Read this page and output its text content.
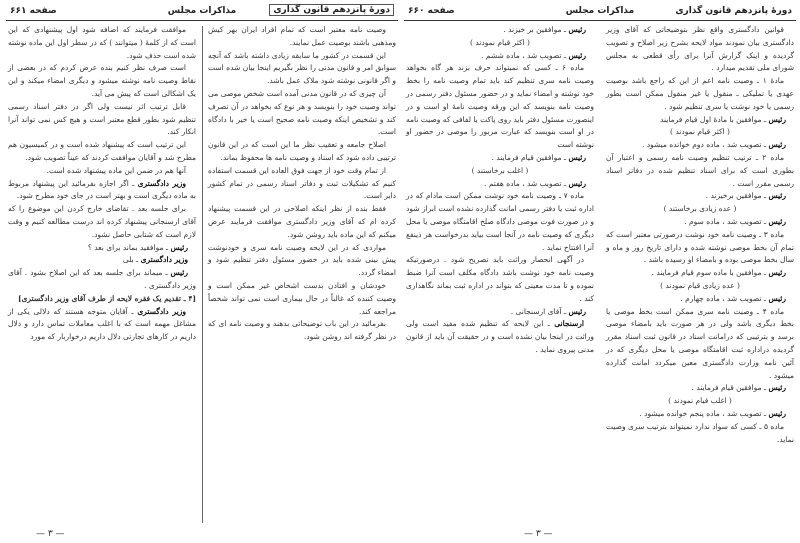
دورهٔ پانزدهم قانون گذاری
مذاکرات مجلس
صفحه ۶۶۱

وصیت نامه معتبر است که تمام افراد ایران بهر کیش ومذهبی باشند بوصیت عمل نمایند.

این قسمت در کشور ما سابقه زیادی داشته باشد که آنچه سوابق امر و قانون مدنی را نظر بگیریم اینجا بیان شده است و اگر قانونی نوشته شود ملاک عمل باشد.

آن چیزی که در قانون مدنی آمده است شخص موصی می تواند وصیت خود را بنویسد و هر نوع که بخواهد در آن تصرف کند و تشخیص اینکه وصیت نامه صحیح است یا خیر با دادگاه است.

اصلاح جامعه و تعقیب نظر ما این است که در این قانون ترتیبی داده شود که اسناد و وصیت نامه ها محفوظ بماند.

از تمام وقت خود از جهت فوق العاده این قسمت استفاده کنیم که تشکیلات ثبت و دفاتر اسناد رسمی در تمام کشور دایر است.

فقط بنده از نظر اینکه اصلاحی در این قسمت پیشنهاد کرده ام که آقای وزیر دادگستری موافقت فرمایند عرض میکنم که این ماده باید روشن شود.

مواردی که در این لایحه وصیت نامه سری و خودنوشت پیش بینی شده باید در حضور مسئول دفتر تنظیم شود و امضاء گردد.

خودشان و افتادن بدست اشخاص غیر ممکن است و وصیت کننده که غالباً در حال بیماری است نمی تواند شخصاً مراجعه کند.

بفرمائید در این باب توضیحاتی بدهند و وصیت نامه ای که در نظر گرفته اند روشن شود.

موافقت فرمایند که اضافه شود اول پیشنهادی که این است که از کلمهٔ ( میتوانند ) که در سطر اول این ماده نوشته شده است حذف شود.

است صرف نظر کنیم بنده عرض کردم که در بعضی از نقاط وصیت نامه نوشته میشود و دیگری امضاء میکند و این یک اشکالی است که پیش می آید.

قابل ترتیب اثر نیست ولی اگر در دفتر اسناد رسمی تنظیم شود بطور قطع معتبر است و هیچ کس نمی تواند آنرا انکار کند.

این ترتیب است که پیشنهاد شده است و در کمیسیون هم مطرح شد و آقایان موافقت کردند که عیناً تصویب شود.

آنها هم در ضمن این ماده پیشنهاد شده است.

وزیر دادگستری ـ اگر اجازه بفرمائید این پیشنهاد مربوط به ماده دیگری است و بهتر است در جای خود مطرح شود.

برای جلسه بعد . تقاضای خارج کردن این موضوع را که آقای ارسنجانی پیشنهاد کرده اند درست مطالعه کنیم و وقت لازم است که شتابی حاصل نشود.

رئیس ـ موافقید بماند برای بعد ؟

وزیر دادگستری ـ بلی

رئیس ـ میماند برای جلسه بعد که این اصلاح بشود . آقای وزیر دادگستری .

[۴ ـ تقدیم یک فقره لایحه از طرف آقای وزیر دادگستری]

وزیر دادگستری ـ آقایان متوجه هستند که دلالی یکی از مشاغل مهمه است که با اغلب معاملات تماس دارد و دلال داریم در کارهای تجارتی دلال داریم درخواربار که مورد

— ۳ —
دورهٔ پانزدهم قانون گذاری
مذاکرات مجلس
صفحه ۶۶۰

قوانین دادگستری واقع نظر بتوضیحاتی که آقای وزیر دادگستری بیان نمودند مواد لایحه بشرح زیر اصلاح و تصویب گردیده و اینک گزارش آنرا برای رأی قطعی به مجلس شورای ملی تقدیم میدارد .

مادهٔ ۱ ـ وصیت نامه اعم از این که راجع باشد بوصیت عهدی یا تملیکی ـ منقول یا غیر منقول ممکن است بطور رسمی یا خود نوشت یا سری تنظیم شود .

رئیس ـ موافقین با مادهٔ اول قیام فرمایند

( اکثر قیام نمودند )

رئیس ـ تصویب شد ، ماده دوم خوانده میشود .

ماده ۲ ـ ترتیب تنظیم وصیت نامه رسمی و اعتبار آن بطوری است که برای اسناد تنظیم شده در دفاتر اسناد رسمی مقرر است .

رئیس ـ موافقین برخیزند .

( عده زیادی برخاستند )

رئیس ـ تصویب شد ، ماده سوم .

ماده ۳ ـ وصیت نامه خود نوشت درصورتی معتبر است که تمام آن بخط موصی نوشته شده و دارای تاریخ روز و ماه و سال بخط موصی بوده و بامضاء او رسیده باشد .

رئیس ـ موافقین با ماده سوم قیام فرمایند .

( عده زیادی قیام نمودند )

رئیس ـ تصویب شد ، ماده چهارم .

ماده ۴ ـ وصیت نامه سری ممکن است بخط موصی یا بخط دیگری باشد ولی در هر صورت باید بامضاء موصی برسد و بترتیبی که درامانت اسناد در قانون ثبت اسناد مقرر گردیده دراداره ثبت اقامتگاه موصی یا محل دیگری که در آئین نامه وزارت دادگستری معین میکردد امانت گذارده میشود .

رئیس ـ موافقین قیام فرمایند .

( اغلب قیام نمودند )

رئیس ـ تصویب شد ، ماده پنجم خوانده میشود .

ماده ۵ ـ کسی که سواد ندارد نمیتواند بترتیب سری وصیت نماید.

رئیس ـ موافقین بر خیزند .

( اکثر قیام نمودند )

رئیس ـ تصویب شد ، ماده ششم .

ماده ۶ ـ کسی که نمیتواند حرف بزند هر گاه بخواهد وصیت نامه سری تنظیم کند باید تمام وصیت نامه را بخط خود نوشته و امضاء نماید و در حضور مسئول دفتر رسمی در وصیت نامه بنویسد که این ورقه وصیت نامهٔ او است و در اینصورت مسئول دفتر باید روی پاکت یا لفافی که وصیت نامه در او است بنویسد که عبارت مزبور را موصی در حضور او نوشته است

رئیس ـ موافقین قیام فرمایند .

( اغلب برخاستند )

رئیس ـ تصویب شد ، ماده هفتم .

ماده ۷ ـ وصیت نامه خود نوشت ممکن است مادام که در اداره ثبت یا دفتر رسمی امانت گذارده نشده است ابراز شود و در صورت فوت موصی دادگاه صلح اقامتگاه موصی یا محل دیگری که وصیت نامه در آنجا است بیاید بدرخواست هر ذینفع آنرا افتتاح نماید .

در آگهی انحصار وراثت باید تصریح شود . درصورتیکه وصیت نامه خود نوشت باشد دادگاه مکلف است آنرا ضبط نموده و تا مدت معینی که بتواند در اداره ثبت بماند نگاهداری کند .

رئیس ـ آقای ارسنجانی .

ارسنجانی ـ این لایحه که تنظیم شده مفید است ولی وراثت در اینجا بیان نشده است و در حقیقت آن باید از قانون مدنی پیروی نماید .

— ۳ —
